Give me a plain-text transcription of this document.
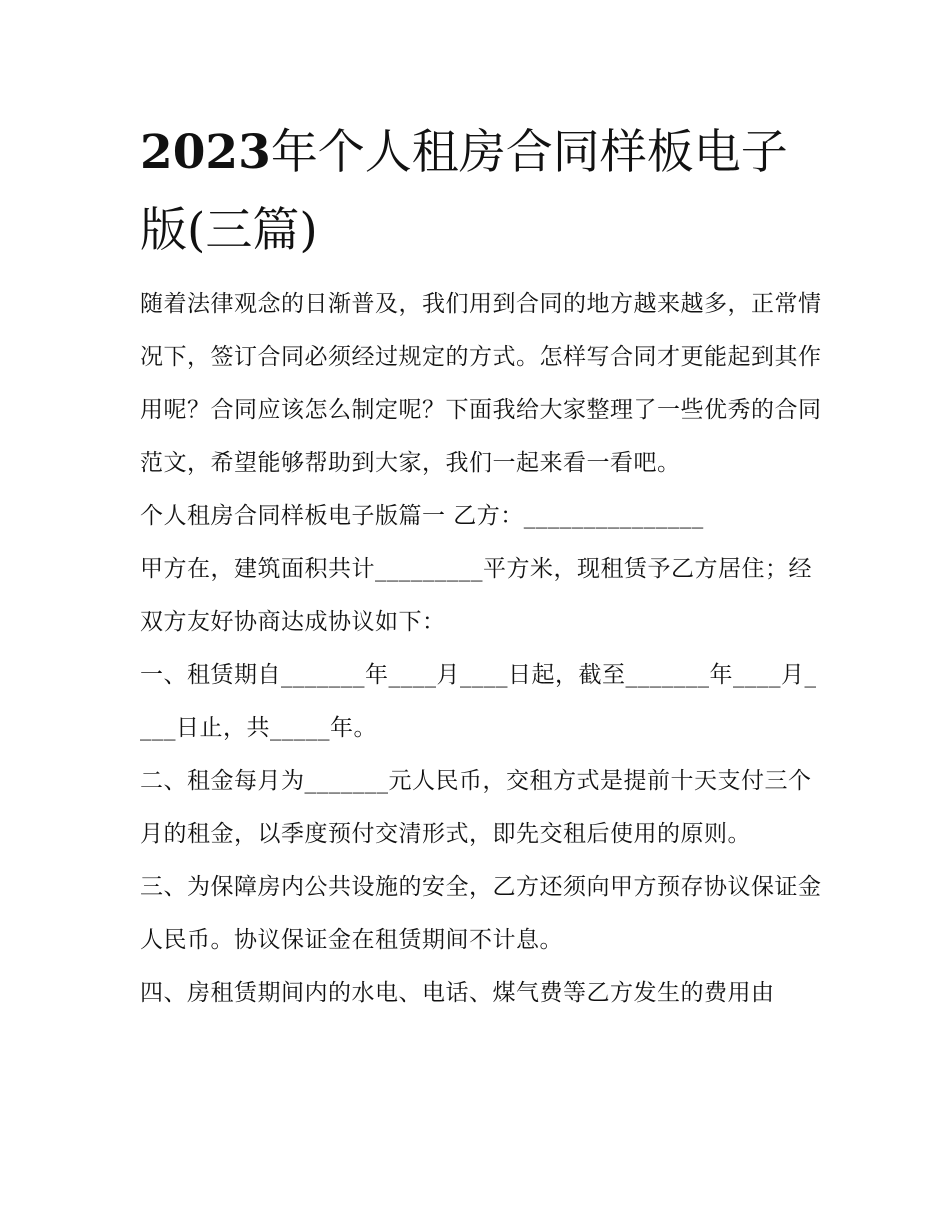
2023年个人租房合同样板电子版(三篇)

随着法律观念的日渐普及，我们用到合同的地方越来越多，正常情况下，签订合同必须经过规定的方式。怎样写合同才更能起到其作用呢？合同应该怎么制定呢？下面我给大家整理了一些优秀的合同范文，希望能够帮助到大家，我们一起来看一看吧。

个人租房合同样板电子版篇一 乙方：_______________

甲方在，建筑面积共计_________平方米，现租赁予乙方居住；经双方友好协商达成协议如下：

一、租赁期自_______年____月____日起，截至_______年____月____日止，共_____年。

二、租金每月为_______元人民币，交租方式是提前十天支付三个月的租金，以季度预付交清形式，即先交租后使用的原则。

三、为保障房内公共设施的安全，乙方还须向甲方预存协议保证金人民币。协议保证金在租赁期间不计息。

四、房租赁期间内的水电、电话、煤气费等乙方发生的费用由
